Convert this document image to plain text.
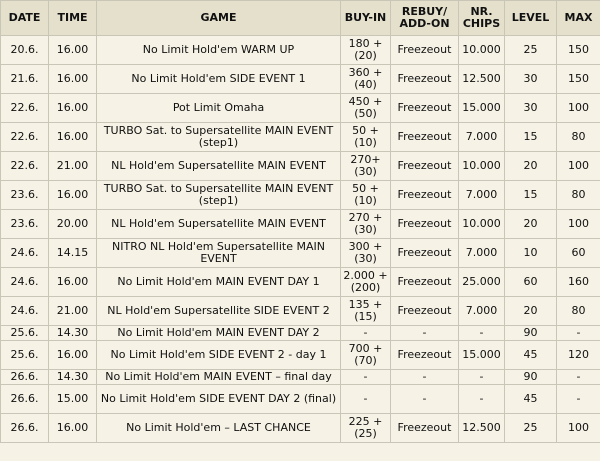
DATE	TIME	GAME	BUY-IN	REBUY/ ADD-ON	NR. CHIPS	LEVEL	MAX
20.6.	16.00	No Limit Hold'em WARM UP	180 + (20)	Freezeout	10.000	25	150
21.6.	16.00	No Limit Hold'em SIDE EVENT 1	360 + (40)	Freezeout	12.500	30	150
22.6.	16.00	Pot Limit Omaha	450 + (50)	Freezeout	15.000	30	100
22.6.	16.00	TURBO Sat. to Supersatellite MAIN EVENT (step1)	50 + (10)	Freezeout	7.000	15	80
22.6.	21.00	NL Hold'em Supersatellite MAIN EVENT	270+ (30)	Freezeout	10.000	20	100
23.6.	16.00	TURBO Sat. to Supersatellite MAIN EVENT (step1)	50 + (10)	Freezeout	7.000	15	80
23.6.	20.00	NL Hold'em Supersatellite MAIN EVENT	270 + (30)	Freezeout	10.000	20	100
24.6.	14.15	NITRO NL Hold'em Supersatellite MAIN EVENT	300 + (30)	Freezeout	7.000	10	60
24.6.	16.00	No Limit Hold'em MAIN EVENT DAY 1	2.000 + (200)	Freezeout	25.000	60	160
24.6.	21.00	NL Hold'em Supersatellite SIDE EVENT 2	135 + (15)	Freezeout	7.000	20	80
25.6.	14.30	No Limit Hold'em MAIN EVENT DAY 2	-	-	-	90	-
25.6.	16.00	No Limit Hold'em SIDE EVENT 2 - day 1	700 + (70)	Freezeout	15.000	45	120
26.6.	14.30	No Limit Hold'em MAIN EVENT – final day	-	-	-	90	-
26.6.	15.00	No Limit Hold'em SIDE EVENT DAY 2 (final)	-	-	-	45	-
26.6.	16.00	No Limit Hold'em – LAST CHANCE	225 + (25)	Freezeout	12.500	25	100
